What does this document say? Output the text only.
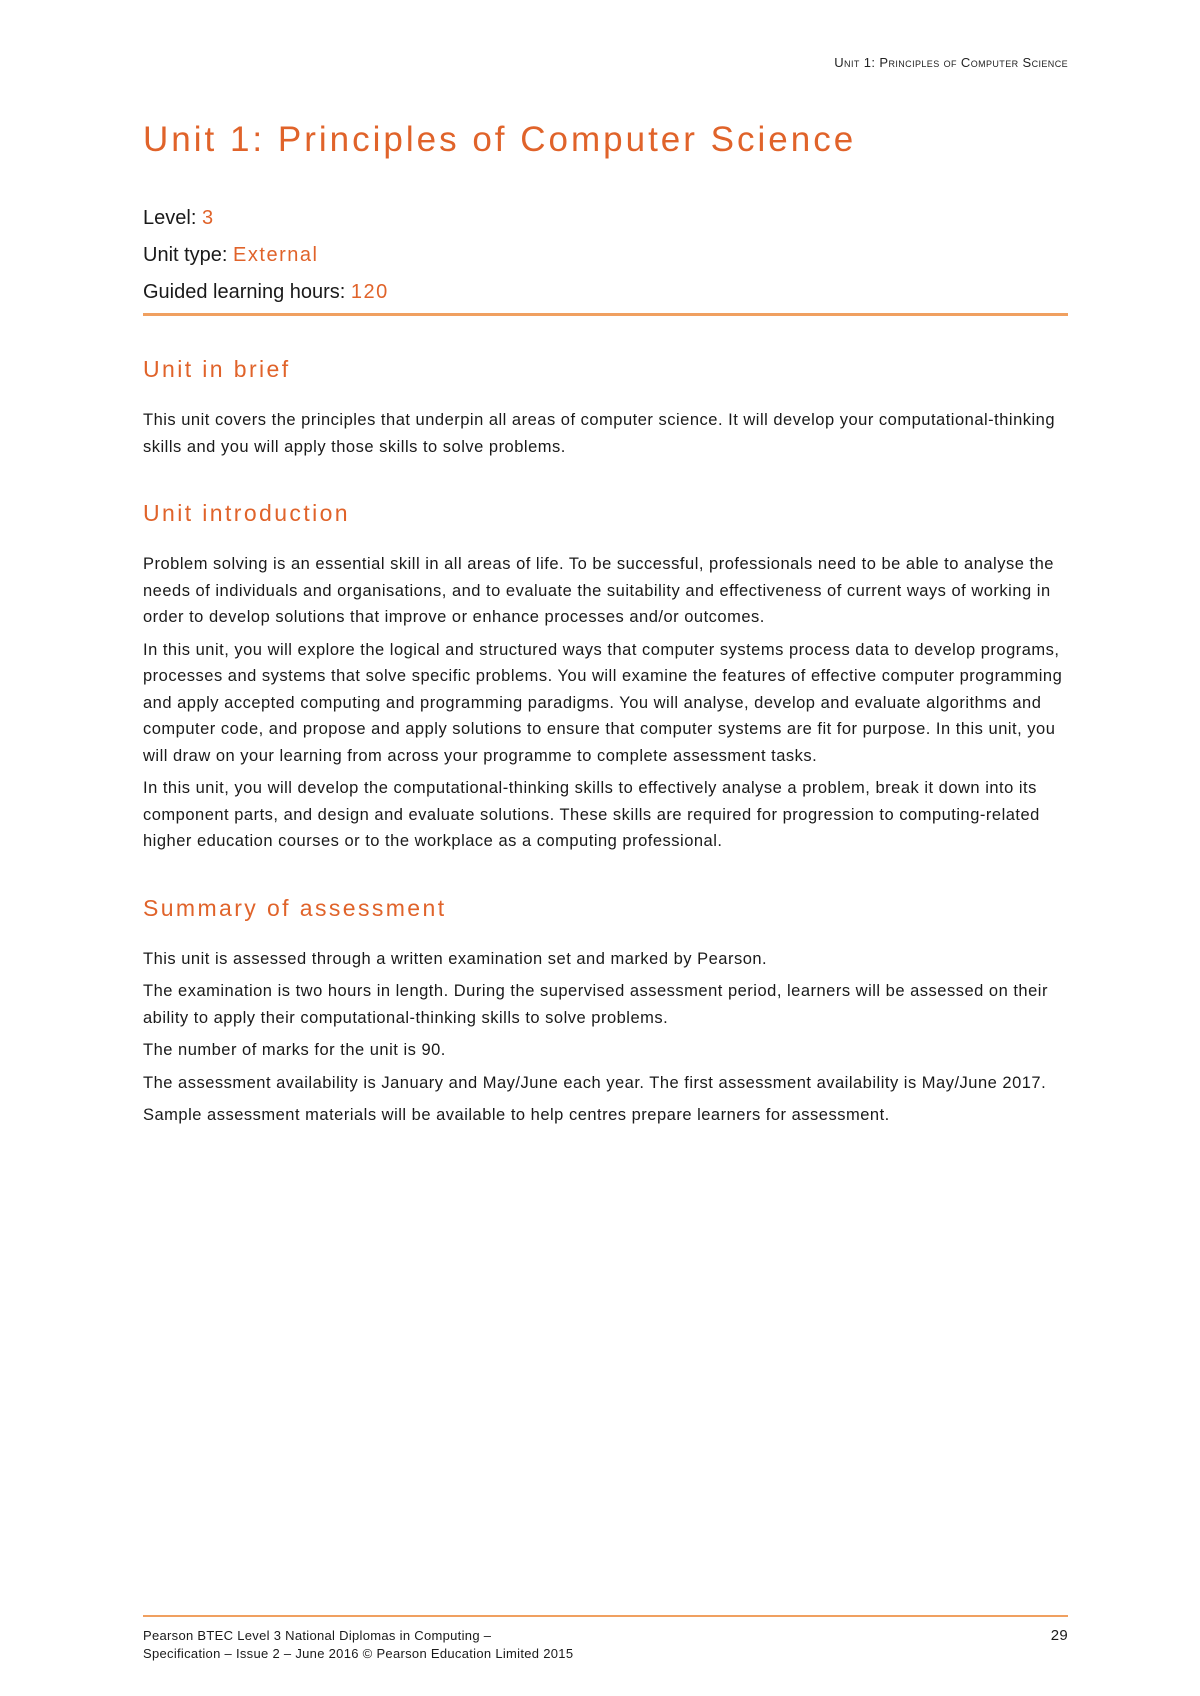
Unit 1: Principles of Computer Science
Unit 1: Principles of Computer Science
Level: 3
Unit type: External
Guided learning hours: 120
Unit in brief

This unit covers the principles that underpin all areas of computer science. It will develop your computational-thinking skills and you will apply those skills to solve problems.

Unit introduction

Problem solving is an essential skill in all areas of life. To be successful, professionals need to be able to analyse the needs of individuals and organisations, and to evaluate the suitability and effectiveness of current ways of working in order to develop solutions that improve or enhance processes and/or outcomes.

In this unit, you will explore the logical and structured ways that computer systems process data to develop programs, processes and systems that solve specific problems. You will examine the features of effective computer programming and apply accepted computing and programming paradigms. You will analyse, develop and evaluate algorithms and computer code, and propose and apply solutions to ensure that computer systems are fit for purpose. In this unit, you will draw on your learning from across your programme to complete assessment tasks.

In this unit, you will develop the computational-thinking skills to effectively analyse a problem, break it down into its component parts, and design and evaluate solutions. These skills are required for progression to computing-related higher education courses or to the workplace as a computing professional.

Summary of assessment

This unit is assessed through a written examination set and marked by Pearson.

The examination is two hours in length. During the supervised assessment period, learners will be assessed on their ability to apply their computational-thinking skills to solve problems.

The number of marks for the unit is 90.

The assessment availability is January and May/June each year. The first assessment availability is May/June 2017.

Sample assessment materials will be available to help centres prepare learners for assessment.

Pearson BTEC Level 3 National Diplomas in Computing –
Specification – Issue 2 – June 2016 © Pearson Education Limited 2015
29
